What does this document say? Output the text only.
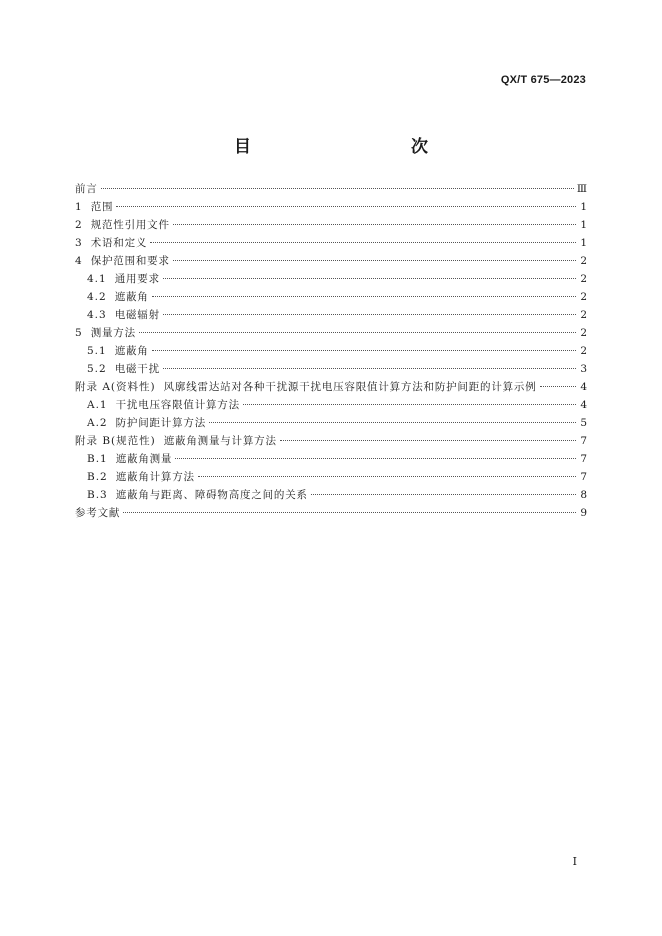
QX/T 675—2023
目　　次
前言	Ⅲ
1 范围	1
2 规范性引用文件	1
3 术语和定义	1
4 保护范围和要求	2
4.1 通用要求	2
4.2 遮蔽角	2
4.3 电磁辐射	2
5 测量方法	2
5.1 遮蔽角	2
5.2 电磁干扰	3
附录 A(资料性) 风廓线雷达站对各种干扰源干扰电压容限值计算方法和防护间距的计算示例	4
A.1 干扰电压容限值计算方法	4
A.2 防护间距计算方法	5
附录 B(规范性) 遮蔽角测量与计算方法	7
B.1 遮蔽角测量	7
B.2 遮蔽角计算方法	7
B.3 遮蔽角与距离、障碍物高度之间的关系	8
参考文献	9
Ⅰ
